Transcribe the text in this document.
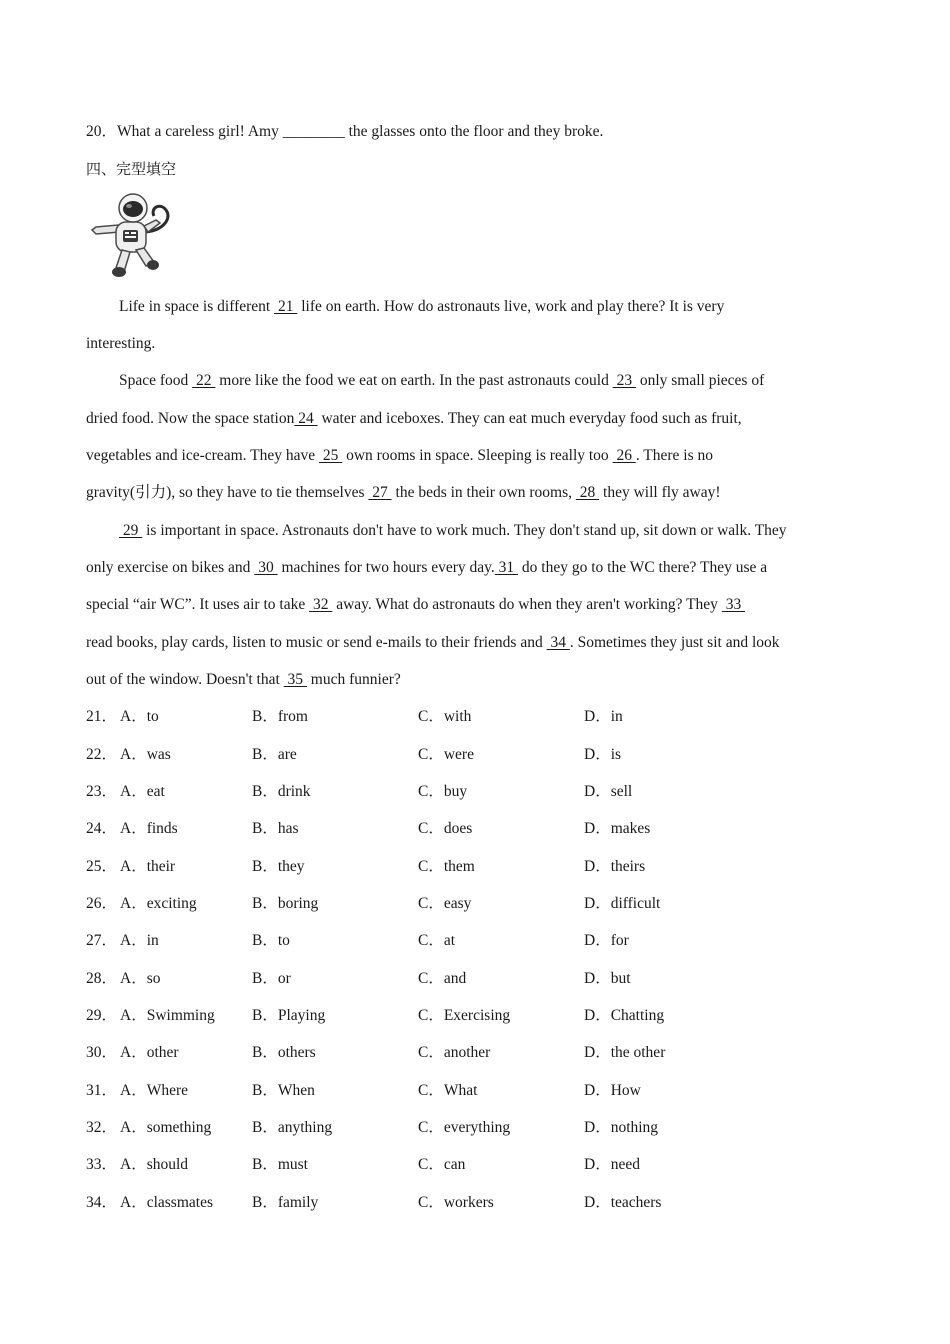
20．What a careless girl! Amy ________ the glasses onto the floor and they broke.
四、完型填空
Life in space is different  21  life on earth. How do astronauts live, work and play there? It is very
interesting.
Space food  22  more like the food we eat on earth. In the past astronauts could  23  only small pieces of
dried food. Now the space station 24  water and iceboxes. They can eat much everyday food such as fruit,
vegetables and ice-cream. They have  25  own rooms in space. Sleeping is really too  26 . There is no
gravity(引力), so they have to tie themselves  27  the beds in their own rooms,  28  they will fly away!
29  is important in space. Astronauts don't have to work much. They don't stand up, sit down or walk. They
only exercise on bikes and  30  machines for two hours every day. 31  do they go to the WC there? They use a
special “air WC”. It uses air to take  32  away. What do astronauts do when they aren't working? They  33
read books, play cards, listen to music or send e-mails to their friends and  34 . Sometimes they just sit and look
out of the window. Doesn't that  35  much funnier?
21． A．to	B．from	C．with	D．in
22． A．was	B．are	C．were	D．is
23． A．eat	B．drink	C．buy	D．sell
24． A．finds	B．has	C．does	D．makes
25． A．their	B．they	C．them	D．theirs
26． A．exciting	B．boring	C．easy	D．difficult
27． A．in	B．to	C．at	D．for
28． A．so	B．or	C．and	D．but
29． A．Swimming B．Playing	C．Exercising	D．Chatting
30． A．other	B．others	C．another	D．the other
31． A．Where	B．When	C．What	D．How
32． A．something	B．anything	C．everything	D．nothing
33． A．should	B．must	C．can	D．need
34． A．classmates	B．family	C．workers	D．teachers
